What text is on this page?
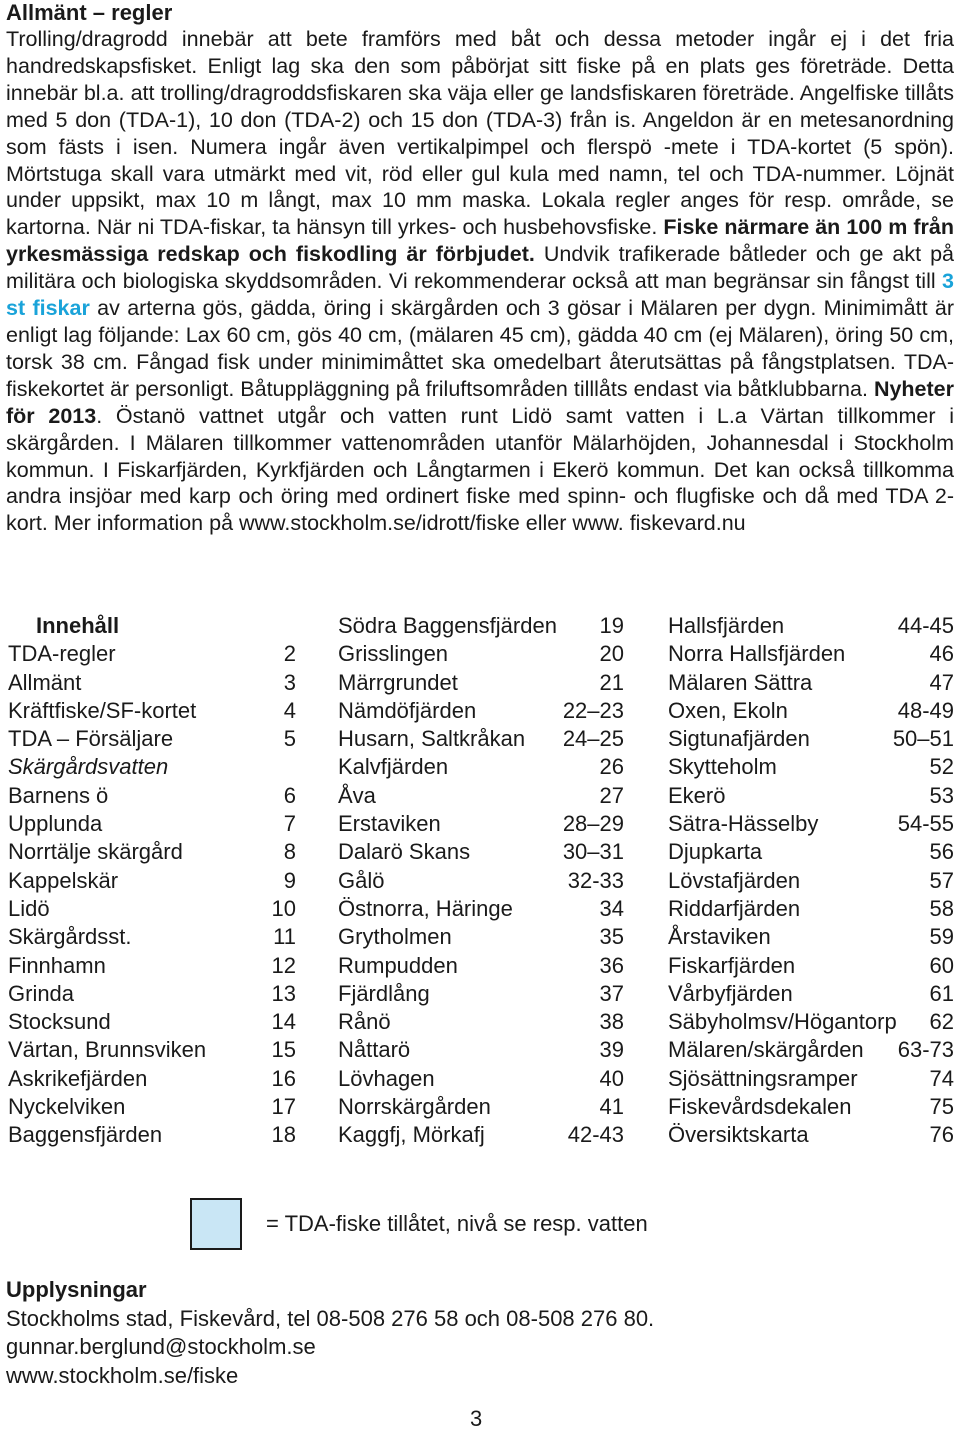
Allmänt – regler

Trolling/dragrodd innebär att bete framförs med båt och dessa metoder ingår ej i det fria handredskapsfisket. Enligt lag ska den som påbörjat sitt fiske på en plats ges företräde. Detta innebär bl.a. att trolling/dragroddsfiskaren ska väja eller ge landsfiskaren företräde. Angelfiske tillåts med 5 don (TDA-1), 10 don (TDA-2) och 15 don (TDA-3) från is. Angeldon är en metesanordning som fästs i isen. Numera ingår även vertikalpimpel och flerspö -mete i TDA-kortet (5 spön). Mörtstuga skall vara utmärkt med vit, röd eller gul kula med namn, tel och TDA-nummer. Löjnät under uppsikt, max 10 m långt, max 10 mm maska. Lokala regler anges för resp. område, se kartorna. När ni TDA-fiskar, ta hänsyn till yrkes- och husbehovsfiske. Fiske närmare än 100 m från yrkesmässiga redskap och fiskodling är förbjudet. Undvik trafikerade båtleder och ge akt på militära och biologiska skyddsområden. Vi rekommenderar också att man begränsar sin fångst till 3 st fiskar av arterna gös, gädda, öring i skärgården och 3 gösar i Mälaren per dygn. Minimimått är enligt lag följande: Lax 60 cm, gös 40 cm, (mälaren 45 cm), gädda 40 cm (ej Mälaren), öring 50 cm, torsk 38 cm. Fångad fisk under minimimåttet ska omedelbart återutsättas på fångstplatsen. TDA-fiskekortet är personligt. Båtuppläggning på friluftsområden tilllåts endast via båtklubbarna. Nyheter för 2013. Östanö vattnet utgår och vatten runt Lidö samt vatten i L.a Värtan tillkommer i skärgården. I Mälaren tillkommer vattenområden utanför Mälarhöjden, Johannesdal i Stockholm kommun. I Fiskarfjärden, Kyrkfjärden och Långtarmen i Ekerö kommun. Det kan också tillkomma andra insjöar med karp och öring med ordinert fiske med spinn- och flugfiske och då med TDA 2-kort. Mer information på www.stockholm.se/idrott/fiske eller www. fiskevard.nu

Innehåll
TDA-regler	2
Allmänt	3
Kräftfiske/SF-kortet	4
TDA – Försäljare	5
Skärgårdsvatten
Barnens ö	6
Upplunda	7
Norrtälje skärgård	8
Kappelskär	9
Lidö	10
Skärgårdsst.	11
Finnhamn	12
Grinda	13
Stocksund	14
Värtan, Brunnsviken	15
Askrikefjärden	16
Nyckelviken	17
Baggensfjärden	18
Södra Baggensfjärden 19
Grisslingen	20
Märrgrundet	21
Nämdöfjärden	22–23
Husarn, Saltkråkan 24–25
Kalvfjärden	26
Åva	27
Erstaviken	28–29
Dalarö Skans	30–31
Gålö	32-33
Östnorra, Häringe	34
Grytholmen	35
Rumpudden	36
Fjärdlång	37
Rånö	38
Nåttarö	39
Lövhagen	40
Norrskärgården	41
Kaggfj, Mörkafj	42-43
Hallsfjärden	44-45
Norra Hallsfjärden	46
Mälaren Sättra	47
Oxen, Ekoln	48-49
Sigtunafjärden	50–51
Skytteholm	52
Ekerö	53
Sätra-Hässelby	54-55
Djupkarta	56
Lövstafjärden	57
Riddarfjärden	58
Årstaviken	59
Fiskarfjärden	60
Vårbyfjärden	61
Säbyholmsv/Högantorp 62
Mälaren/skärgården 63-73
Sjösättningsramper	74
Fiskevårdsdekalen	75
Översiktskarta	76
= TDA-fiske tillåtet, nivå se resp. vatten
Upplysningar
Stockholms stad, Fiskevård, tel 08-508 276 58 och 08-508 276 80.
gunnar.berglund@stockholm.se
www.stockholm.se/fiske
3
